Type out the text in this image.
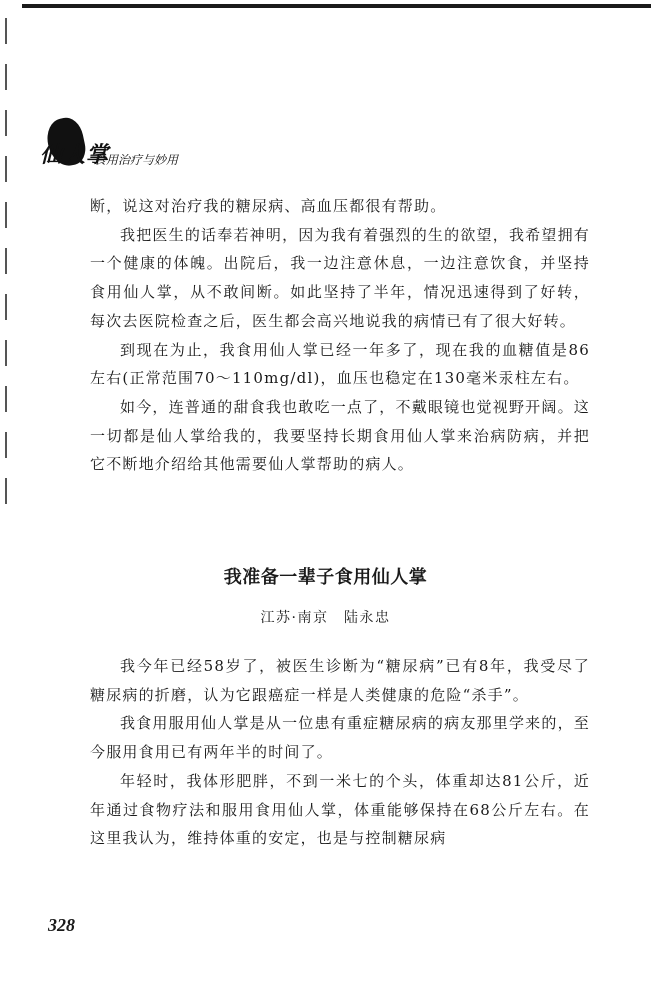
仙人掌
食用治疗与妙用

断，说这对治疗我的糖尿病、高血压都很有帮助。

我把医生的话奉若神明，因为我有着强烈的生的欲望，我希望拥有一个健康的体魄。出院后，我一边注意休息，一边注意饮食，并坚持食用仙人掌，从不敢间断。如此坚持了半年，情况迅速得到了好转，每次去医院检查之后，医生都会高兴地说我的病情已有了很大好转。

到现在为止，我食用仙人掌已经一年多了，现在我的血糖值是86左右(正常范围70～110mg/dl)，血压也稳定在130毫米汞柱左右。

如今，连普通的甜食我也敢吃一点了，不戴眼镜也觉视野开阔。这一切都是仙人掌给我的，我要坚持长期食用仙人掌来治病防病，并把它不断地介绍给其他需要仙人掌帮助的病人。

我准备一辈子食用仙人掌
江苏·南京　陆永忠

我今年已经58岁了，被医生诊断为“糖尿病”已有8年，我受尽了糖尿病的折磨，认为它跟癌症一样是人类健康的危险“杀手”。

我食用服用仙人掌是从一位患有重症糖尿病的病友那里学来的，至今服用食用已有两年半的时间了。

年轻时，我体形肥胖，不到一米七的个头，体重却达81公斤，近年通过食物疗法和服用食用仙人掌，体重能够保持在68公斤左右。在这里我认为，维持体重的安定，也是与控制糖尿病

328
